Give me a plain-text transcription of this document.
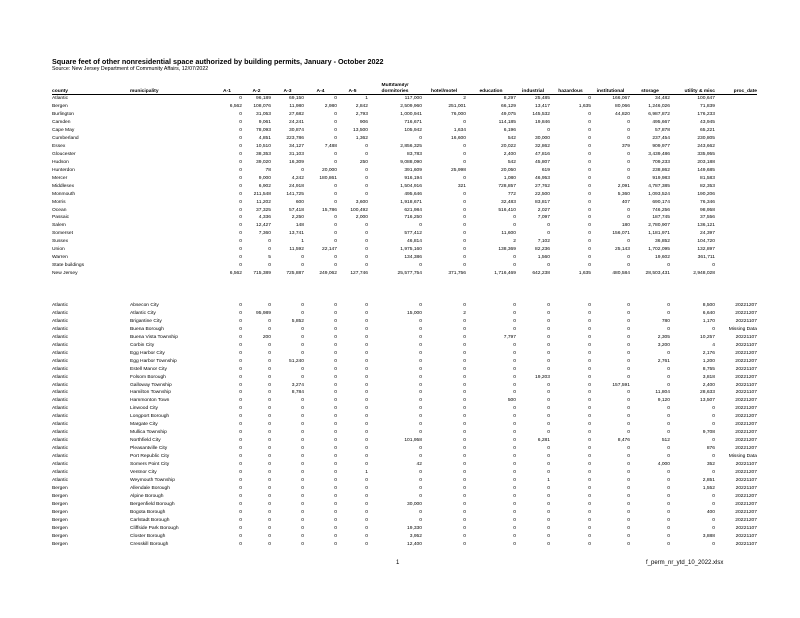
Square feet of other nonresidential space authorized by building permits, January - October 2022
Source: New Jersey Department of Community Affairs, 12/07/2022
county	municipality	A-1	A-2	A-3	A-4	A-5	Multifamily/
dormitories	hotel/motel	education	industrial	hazardous	institutional	storage	utility & misc	proc_date
Atlantic		0	96,189	69,150	0	1	117,000	2	8,297	25,485	0	166,067	34,482	100,647	
Bergen		6,562	108,076	11,980	2,980	2,842	2,509,960	251,001	66,129	13,417	1,635	80,066	1,246,026	71,839	
Burlington		0	31,053	27,682	0	2,793	1,000,941	76,000	49,075	145,532	0	44,820	6,987,872	176,233	
Camden		0	9,061	24,241	0	906	716,671	0	114,185	19,846	0	0	495,667	43,945	
Cape May		0	78,093	30,874	0	13,500	105,942	1,634	6,196	0	0	0	57,878	65,221	
Cumberland		0	4,851	223,786	0	1,362	0	16,600	542	30,000	0	0	237,454	230,805	
Essex		0	10,510	34,127	7,488	0	2,856,325	0	20,022	32,862	0	379	909,977	243,662	
Gloucester		0	38,353	31,103	0	0	83,783	0	2,400	47,816	0	0	3,439,486	335,955	
Hudson		0	39,020	16,309	0	250	9,088,090	0	542	45,807	0	0	709,233	203,188	
Hunterdon		0	78	0	20,000	0	391,609	25,998	20,050	619	0	0	238,862	149,685	
Mercer		0	9,000	4,242	180,861	0	916,194	0	1,080	46,953	0	0	919,983	81,583	
Middlesex		0	6,902	24,918	0	0	1,504,916	321	728,857	27,762	0	2,091	4,787,385	82,353	
Monmouth		0	211,548	141,725	0	0	495,646	0	772	22,500	0	5,360	1,093,524	190,206	
Morris		0	11,202	600	0	3,600	1,918,671	0	32,483	83,817	0	407	690,174	76,346	
Ocean		0	37,325	57,418	15,786	100,492	621,984	0	516,410	2,027	0	0	746,256	98,958	
Passaic		0	4,336	2,250	0	2,000	716,250	0	0	7,097	0	0	187,745	37,556	
Salem		0	12,427	148	0	0	0	0	0	0	0	180	2,780,907	136,121	
Somerset		0	7,360	13,741	0	0	577,412	0	11,600	0	0	156,071	1,181,971	24,397	
Sussex		0	0	1	0	0	46,814	0	2	7,102	0	0	36,852	104,720	
Union		0	0	11,592	22,147	0	1,975,160	0	138,369	82,236	0	25,143	1,702,095	132,897	
Warren		0	5	0	0	0	134,386	0	0	1,560	0	0	19,602	361,711	
State buildings		0	0	0	0	0	0	0	0	0	0	0	0	0	
New Jersey		6,562	715,389	725,887	249,062	127,746	25,577,754	371,756	1,716,469	642,238	1,635	480,584	28,503,431	2,948,028	
Atlantic	Absecon City	0	0	0	0	0	0	0	0	0	0	0	0	8,500	20221207
Atlantic	Atlantic City	0	95,989	0	0	0	15,000	2	0	0	0	0	0	6,640	20221207
Atlantic	Brigantine City	0	0	5,852	0	0	0	0	0	0	0	0	780	1,170	20221107
Atlantic	Buena Borough	0	0	0	0	0	0	0	0	0	0	0	0	0	Missing Data
Atlantic	Buena Vista Township	0	200	0	0	0	0	0	7,797	0	0	0	2,305	10,257	20221107
Atlantic	Corbin City	0	0	0	0	0	0	0	0	0	0	0	3,200	4	20221107
Atlantic	Egg Harbor City	0	0	0	0	0	0	0	0	0	0	0	0	2,176	20221207
Atlantic	Egg Harbor Township	0	0	51,240	0	0	0	0	0	0	0	0	2,761	1,200	20221207
Atlantic	Estell Manor City	0	0	0	0	0	0	0	0	0	0	0	0	8,755	20221107
Atlantic	Folsom Borough	0	0	0	0	0	0	0	0	19,203	0	0	0	3,818	20221207
Atlantic	Galloway Township	0	0	3,274	0	0	0	0	0	0	0	157,591	0	2,400	20221107
Atlantic	Hamilton Township	0	0	8,784	0	0	0	0	0	0	0	0	11,804	28,633	20221107
Atlantic	Hammonton Town	0	0	0	0	0	0	0	500	0	0	0	9,120	13,507	20221207
Atlantic	Linwood City	0	0	0	0	0	0	0	0	0	0	0	0	0	20221207
Atlantic	Longport Borough	0	0	0	0	0	0	0	0	0	0	0	0	0	20221207
Atlantic	Margate City	0	0	0	0	0	0	0	0	0	0	0	0	0	20221207
Atlantic	Mullica Township	0	0	0	0	0	0	0	0	0	0	0	0	9,708	20221207
Atlantic	Northfield City	0	0	0	0	0	101,958	0	0	6,281	0	8,476	512	0	20221207
Atlantic	Pleasantville City	0	0	0	0	0	0	0	0	0	0	0	0	876	20221207
Atlantic	Port Republic City	0	0	0	0	0	0	0	0	0	0	0	0	0	Missing Data
Atlantic	Somers Point City	0	0	0	0	0	42	0	0	0	0	0	4,000	352	20221107
Atlantic	Ventnor City	0	0	0	0	1	0	0	0	0	0	0	0	0	20221207
Atlantic	Weymouth Township	0	0	0	0	0	0	0	0	1	0	0	0	2,851	20221107
Bergen	Allendale Borough	0	0	0	0	0	0	0	0	0	0	0	0	1,552	20221107
Bergen	Alpine Borough	0	0	0	0	0	0	0	0	0	0	0	0	0	20221207
Bergen	Bergenfield Borough	0	0	0	0	0	30,000	0	0	0	0	0	0	0	20221207
Bergen	Bogota Borough	0	0	0	0	0	0	0	0	0	0	0	0	400	20221207
Bergen	Carlstadt Borough	0	0	0	0	0	0	0	0	0	0	0	0	0	20221207
Bergen	Cliffside Park Borough	0	0	0	0	0	19,330	0	0	0	0	0	0	0	20221107
Bergen	Closter Borough	0	0	0	0	0	3,952	0	0	0	0	0	0	3,888	20221107
Bergen	Cresskill Borough	0	0	0	0	0	12,400	0	0	0	0	0	0	0	20221107
1	f_perm_nr_ytd_10_2022.xlsx
